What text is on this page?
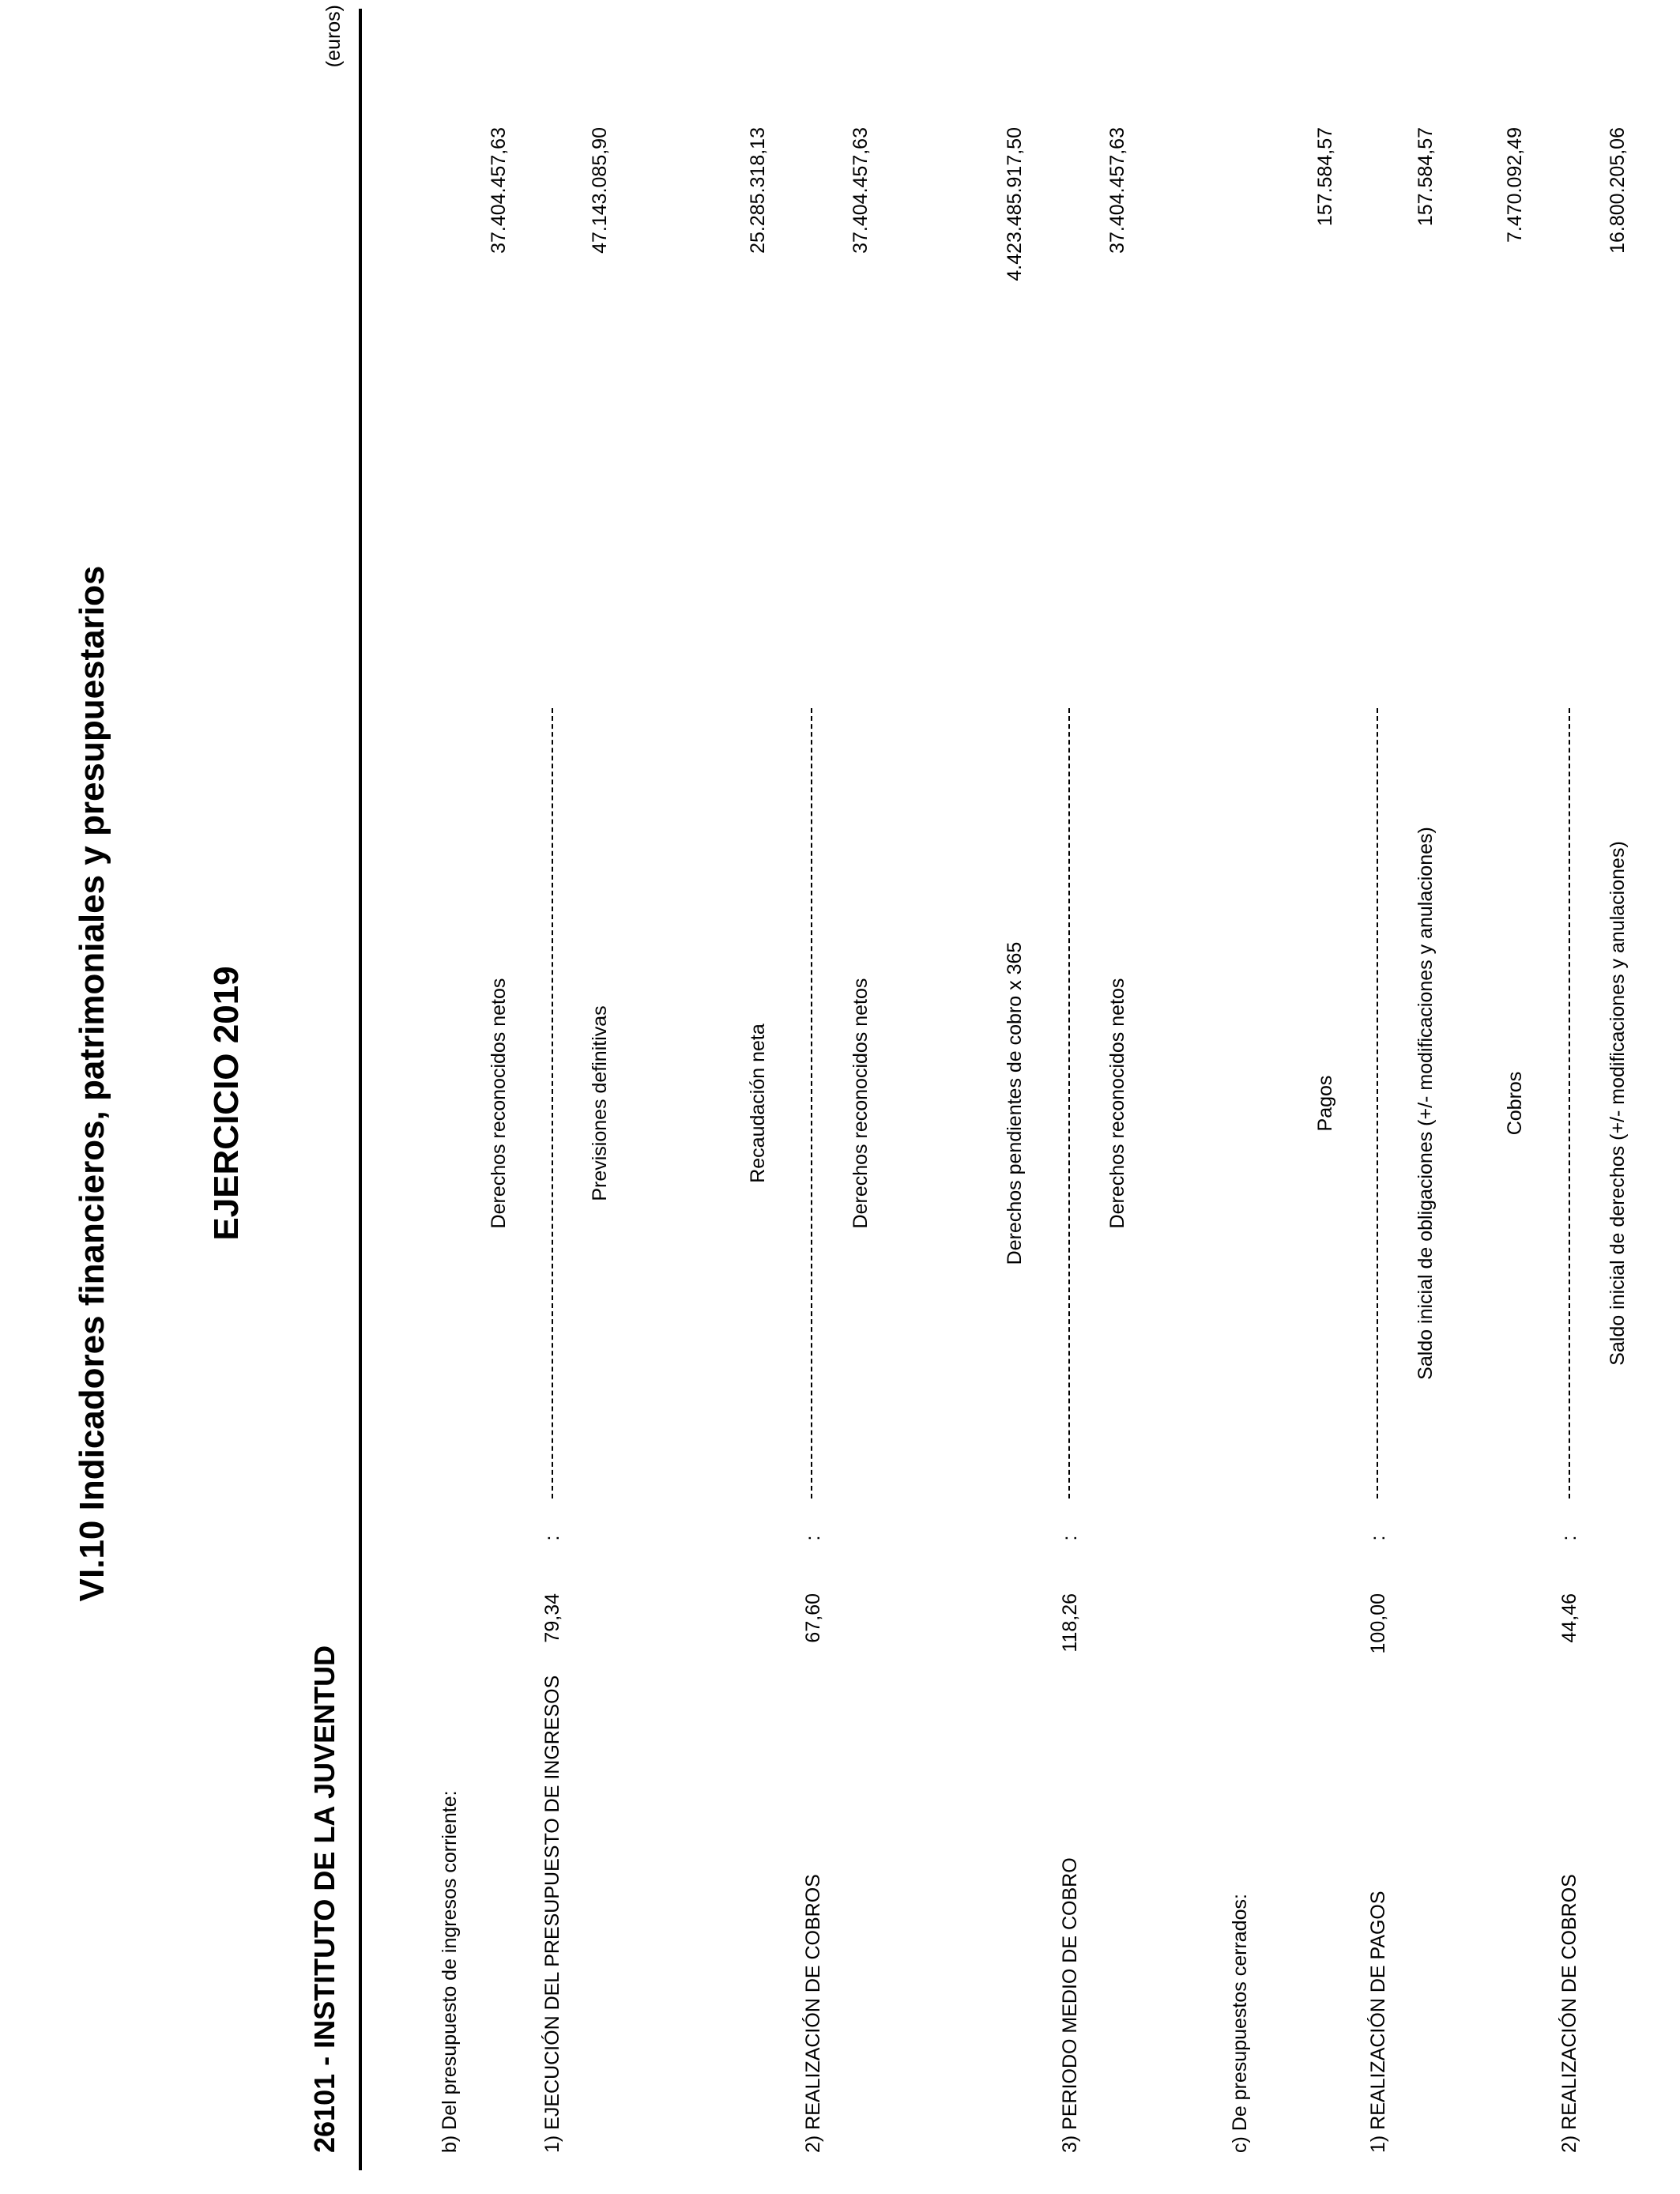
VI.10 Indicadores financieros, patrimoniales y presupuestarios	EJERCICIO 2019
26101 - INSTITUTO DE LA JUVENTUD
(euros)
b) Del presupuesto de ingresos corriente:	1) EJECUCIÓN DEL PRESUPUESTO DE INGRESOS
79,34
:
Derechos reconocidos netos	Previsiones definitivas
37.404.457,63	47.143.085,90
2) REALIZACIÓN DE COBROS
67,60
:
Recaudación neta	Derechos reconocidos netos
25.285.318,13	37.404.457,63
3) PERIODO MEDIO DE COBRO
118,26
:
Derechos pendientes de cobro x 365	Derechos reconocidos netos
4.423.485.917,50	37.404.457,63
c) De presupuestos cerrados:	1) REALIZACIÓN DE PAGOS
100,00
:
Pagos	Saldo inicial de obligaciones (+/- modificaciones y anulaciones)
157.584,57	157.584,57
2) REALIZACIÓN DE COBROS
44,46
:
Cobros	Saldo inicial de derechos (+/- modificaciones y anulaciones)
7.470.092,49	16.800.205,06
